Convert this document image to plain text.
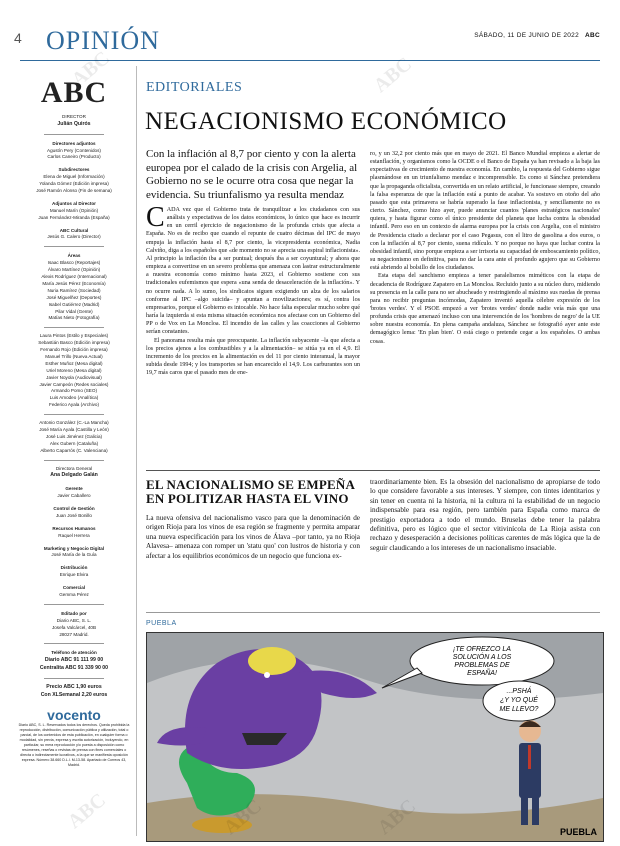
4 OPINIÓN	SÁBADO, 11 DE JUNIO DE 2022 ABC
ABC
DIRECTOR
Julián Quirós
Directores adjuntos
Agustín Pery (Contenidos)
Carlos Caneiro (Producto)
Subdirectores
Elena de Miguel (Información)
Yolanda Gómez (Edición impresa)
José Ramón Alonso (Fin de semana)
Adjuntos al Director
Manuel Marín (Opinión)
Juan Fernández-Miranda (España)
ABC Cultural
Jesús G. Calero (Director)
Áreas
Isaac Blasco (Reportajes)
Álvaro Martínez (Opinión)
Alexis Rodríguez (Internacional)
María Jesús Pérez (Economía)
Nuria Ramírez (Sociedad)
José Miguelñez (Deportes)
Isabel Gutiérrez (Madrid)
Pilar Vidal (Gente)
Matías Nieto (Fotografía)
Laura Pintos (Estilo y Especiales)
Sebastián Basco (Edición impresa)
Fernando Rojo (Edición impresa)
Manuel Trillo (Nueva Actual)
Esther Muñoz (Mesa digital)
Uriel Moreno (Mesa digital)
Javier Noyola (Audiovisual)
Javier Campeón (Redes sociales)
Armando Pomo (SEO)
Luis Amodeo (Analítica)
Federico Ayala (Archivo)
Antonio González (C.-La Mancha)
José María Ayala (Castilla y León)
José Luis Jiménez (Galicia)
Alex Gubern (Cataluña)
Alberto Caparrós (C. Valenciana)
Directora General
Ana Delgado Galán
Gerente
Javier Caballero
Control de Gestión
Juan José Bonillo
Recursos Humanos
Raquel Herrera
Marketing y Negocio Digital
José María de la Guía
Distribución
Enrique Elvira
Comercial
Gemma Pérez
Editado por
Diario ABC, S. L.
Josefa Valcárcel, 40B
28027 Madrid.
Teléfono de atención
Diario ABC 91 111 99 00
Centralita ABC 91 339 90 00
Precio ABC 1,90 euros
Con XLSemanal 2,20 euros
vocento
Diario ABC, S. L. Reservados todos los derechos. Queda prohibida la reproducción, distribución, comunicación pública y utilización, total o parcial, de los contenidos de esta publicación, en cualquier forma o modalidad, sin previa, expresa y escrita autorización, incluyendo, en particular, su mera reproducción y/o puesta a disposición como resúmenes, reseñas o revistas de prensa con fines comerciales o directa o indirectamente lucrativos, a la que se manifiesta oposición expresa. Número 38.660 D.L.l. M-13-58. Apartado de Correos 43, Madrid.
EDITORIALES
NEGACIONISMO ECONÓMICO
Con la inflación al 8,7 por ciento y con la alerta europea por el calado de la crisis con Argelia, al Gobierno no se le ocurre otra cosa que negar la evidencia. Su triunfalismo ya resulta mendaz
CADA vez que el Gobierno trata de tranquilizar a los ciudadanos con sus análisis y expectativas de los datos económicos, lo único que hace es incurrir en un cerril ejercicio de negacionismo de la profunda crisis que afecta a España. No es de recibo que cuando el repunte de cuatro décimas del IPC de mayo empuja la inflación hasta el 8,7 por ciento, la vicepresidenta económica, Nadia Calviño, diga a los españoles que «de momento no se aprecia una espiral inflacionista». Al principio la inflación iba a ser puntual; después iba a ser coyuntural; y ahora que empieza a convertirse en un severo problema que amenaza con lastrar estructuralmente a nuestra economía como mínimo hasta 2023, el Gobierno sostiene con sus tradicionales eufemismos que espera «una senda de desaceleración de la inflación». Y no ocurre nada. A lo sumo, los sindicatos siguen exigiendo un alza de los salarios conforme al IPC –algo suicida– y apuntan a movilizaciones; es sí, contra los empresarios, porque el Gobierno es intocable. No hace falta especular mucho sobre qué haría la izquierda si esta misma situación económica nos afectase con un Gobierno del PP o de Vox en La Moncloa. El incendio de las calles y las coacciones al Gobierno serían constantes.
El panorama resulta más que preocupante. La inflación subyacente –la que afecta a los precios ajenos a los combustibles y a la alimentación– se sitúa ya en el 4,9. El incremento de los precios en la alimentación es del 11 por ciento interanual, la mayor subida desde 1994; y los transportes se han encarecido el 14,9. Los carburantes son un 19,7 más caros que el pasado mes de ene-
ro, y un 32,2 por ciento más que en mayo de 2021. El Banco Mundial empieza a alertar de estanflación, y organismos como la OCDE o el Banco de España ya han revisado a la baja las expectativas de crecimiento de nuestra economía. En cambio, la respuesta del Gobierno sigue plasmándose en un triunfalismo mendaz e incomprensible. Es como si Sánchez pretendiera que la propaganda oficialista, convertida en un relato artificial, le funcionase siempre, creando la falsa esperanza de que la inflación está a punto de acabar. Ya sostuvo en otoño del año pasado que esta primavera se habría superado la fase inflacionista, y sencillamente no es cierto. Sánchez, como hizo ayer, puede anunciar cuantos 'planes estratégicos nacionales' quiera, y hasta figurar como el único presidente del planeta que lucha contra la obesidad infantil. Pero eso en un contexto de alarma europea por la crisis con Argelia, con el ministro de Presidencia citado a declarar por el caso Pegasus, con el litro de gasolina a dos euros, o con la inflación al 8,7 por ciento, suena ridículo. Y no porque no haya que luchar contra la obesidad infantil, sino porque empieza a ser irrisoria su capacidad de emboscamiento político, su negacionismo en definitiva, para no dar la cara ante el profundo agujero que su Gobierno está abriendo al bolsillo de los ciudadanos.
Esta etapa del sanchismo empieza a tener paralelismos miméticos con la etapa de decadencia de Rodríguez Zapatero en La Moncloa. Recluido junto a su núcleo duro, midiendo su presencia en la calle para no ser abucheado y restringiendo al máximo sus ruedas de prensa para no recibir preguntas incómodas, Zapatero inventó aquella célebre expresión de los 'brotes verdes'. Y el PSOE empezó a ver 'brotes verdes' donde nadie veía más que una profunda crisis que amenazó incluso con una intervención de los 'hombres de negro' de la UE sobre nuestra economía. En plena campaña andaluza, Sánchez se fotografió ayer ante este demagógico lema: 'En plan bien'. O está ciego o pretende cegar a los españoles. O ambas cosas.
EL NACIONALISMO SE EMPEÑA EN POLITIZAR HASTA EL VINO
La nueva ofensiva del nacionalismo vasco para que la denominación de origen Rioja para los vinos de esa región se fragmente y permita amparar una nueva especificación para los vinos de Álava –por tanto, ya no Rioja Alavesa– amenaza con romper un 'statu quo' con lustros de historia y con afectar a los equilibrios económicos de un negocio que funciona ex-
traordinariamente bien. Es la obsesión del nacionalismo de apropiarse de todo lo que considere favorable a sus intereses. Y siempre, con tintes identitarios y sin tener en cuenta ni la historia, ni la cultura ni la estabilidad de un negocio indispensable para esa región, pero también para España como marca de prestigio exportadora a todo el mundo. Bruselas debe tener la palabra definitiva, pero es lógico que el sector vitivinícola de La Rioja asista con rechazo y desesperación a decisiones políticas carentes de más lógica que la de seguir claudicando a los intereses de un nacionalismo insaciable.
PUEBLA
¡TE OFREZCO LA
SOLUCIÓN A LOS
PROBLEMAS DE
ESPAÑA!
...PSHÁ
¿Y YO QUÉ
ME LLEVO?
PUEBLA
ABC	ABC
ABC
